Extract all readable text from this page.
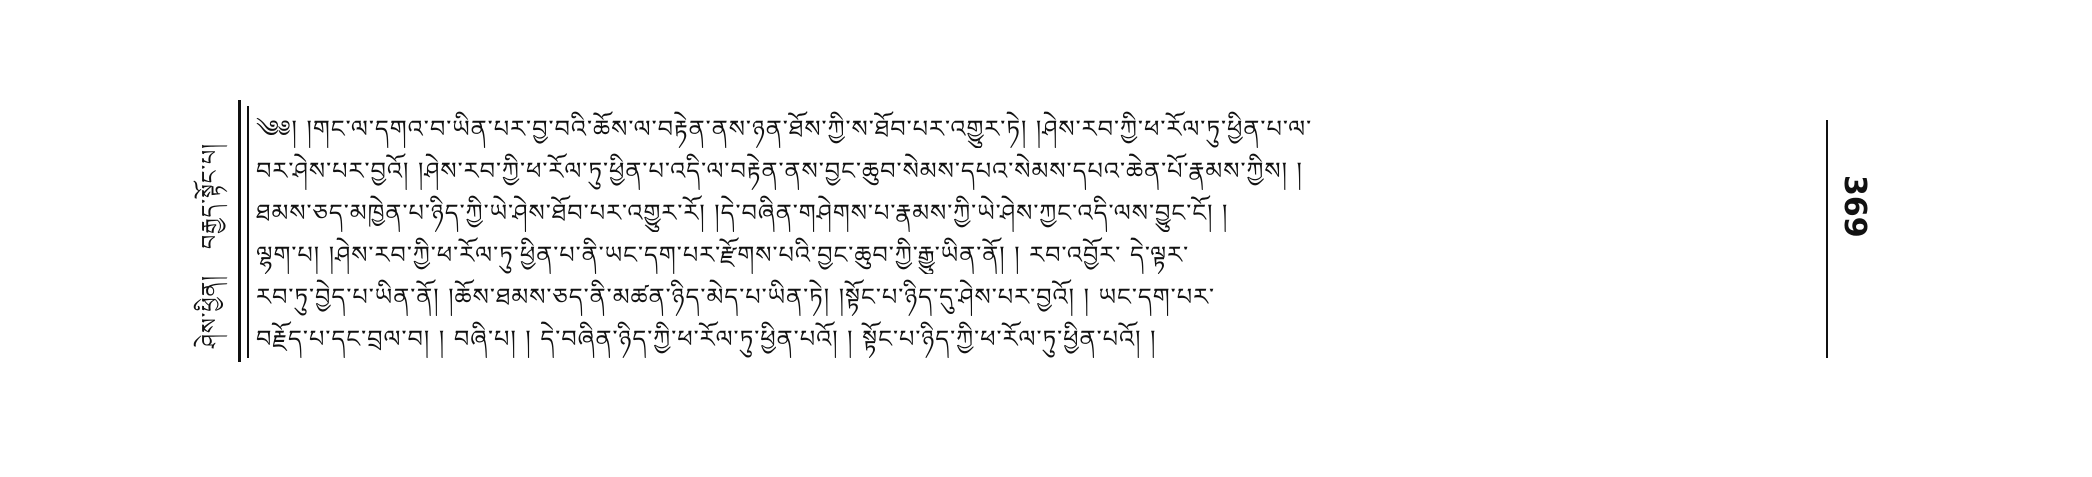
ཤེས་ཕྱིན།
བརྒྱད་སྟོང་པ།	369
༄༅། །གང་ལ་དགའ་བ་ཡིན་པར་བྱ་བའི་ཆོས་ལ་བརྟེན་ནས་ཉན་ཐོས་ཀྱི་ས་ཐོབ་པར་འགྱུར་ཏེ། །ཤེས་རབ་ཀྱི་ཕ་རོལ་ཏུ་ཕྱིན་པ་ལ་
བར་ཤེས་པར་བྱའོ། །ཤེས་རབ་ཀྱི་ཕ་རོལ་ཏུ་ཕྱིན་པ་འདི་ལ་བརྟེན་ནས་བྱང་ཆུབ་སེམས་དཔའ་སེམས་དཔའ་ཆེན་པོ་རྣམས་ཀྱིས། །
ཐམས་ཅད་མཁྱེན་པ་ཉིད་ཀྱི་ཡེ་ཤེས་ཐོབ་པར་འགྱུར་རོ། །དེ་བཞིན་གཤེགས་པ་རྣམས་ཀྱི་ཡེ་ཤེས་ཀྱང་འདི་ལས་བྱུང་ངོ། །
ལྷག་པ། །ཤེས་རབ་ཀྱི་ཕ་རོལ་ཏུ་ཕྱིན་པ་ནི་ཡང་དག་པར་རྫོགས་པའི་བྱང་ཆུབ་ཀྱི་རྒྱུ་ཡིན་ནོ། ། རབ་འབྱོར་ དེ་ལྟར་
རབ་ཏུ་བྱེད་པ་ཡིན་ནོ། །ཆོས་ཐམས་ཅད་ནི་མཚན་ཉིད་མེད་པ་ཡིན་ཏེ། །སྟོང་པ་ཉིད་དུ་ཤེས་པར་བྱའོ། ། ཡང་དག་པར་
བརྗོད་པ་དང་བྲལ་བ། ། བཞི་པ། ། དེ་བཞིན་ཉིད་ཀྱི་ཕ་རོལ་ཏུ་ཕྱིན་པའོ། ། སྟོང་པ་ཉིད་ཀྱི་ཕ་རོལ་ཏུ་ཕྱིན་པའོ། །
